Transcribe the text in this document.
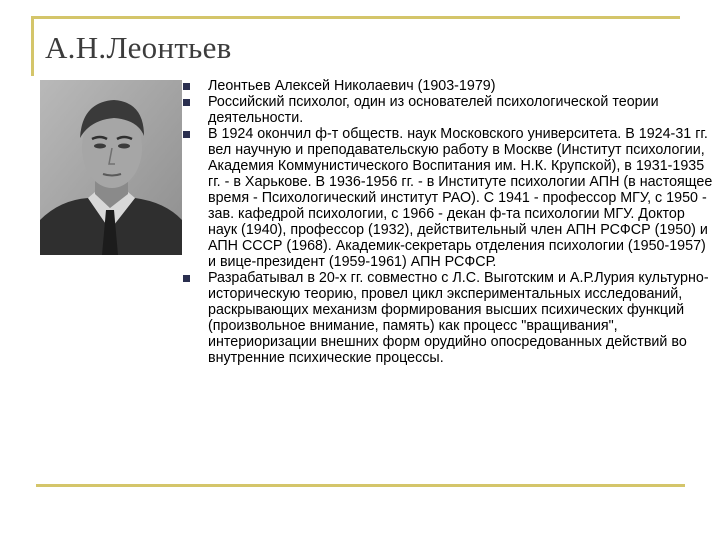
А.Н.Леонтьев
Леонтьев Алексей Николаевич (1903-1979)
Российский психолог, один из основателей психологической теории деятельности.
В 1924 окончил ф-т обществ. наук Московского университета. В 1924-31 гг. вел научную и преподавательскую работу в Москве (Институт психологии, Академия Коммунистического Воспитания им. Н.К. Крупской), в 1931-1935 гг. - в Харькове. В 1936-1956 гг. - в Институте психологии АПН (в настоящее время - Психологический институт РАО). С 1941 - профессор МГУ, с 1950 - зав. кафедрой психологии, с 1966 - декан ф-та психологии МГУ. Доктор наук (1940), профессор (1932), действительный член АПН РСФСР (1950) и АПН СССР (1968). Академик-секретарь отделения психологии (1950-1957) и вице-президент (1959-1961) АПН РСФСР.
Разрабатывал в 20-х гг. совместно с Л.С. Выготским и А.Р.Лурия культурно-историческую теорию, провел цикл экспериментальных исследований, раскрывающих механизм формирования высших психических функций (произвольное внимание, память) как процесс "вращивания", интериоризации внешних форм орудийно опосредованных действий во внутренние психические процессы.
